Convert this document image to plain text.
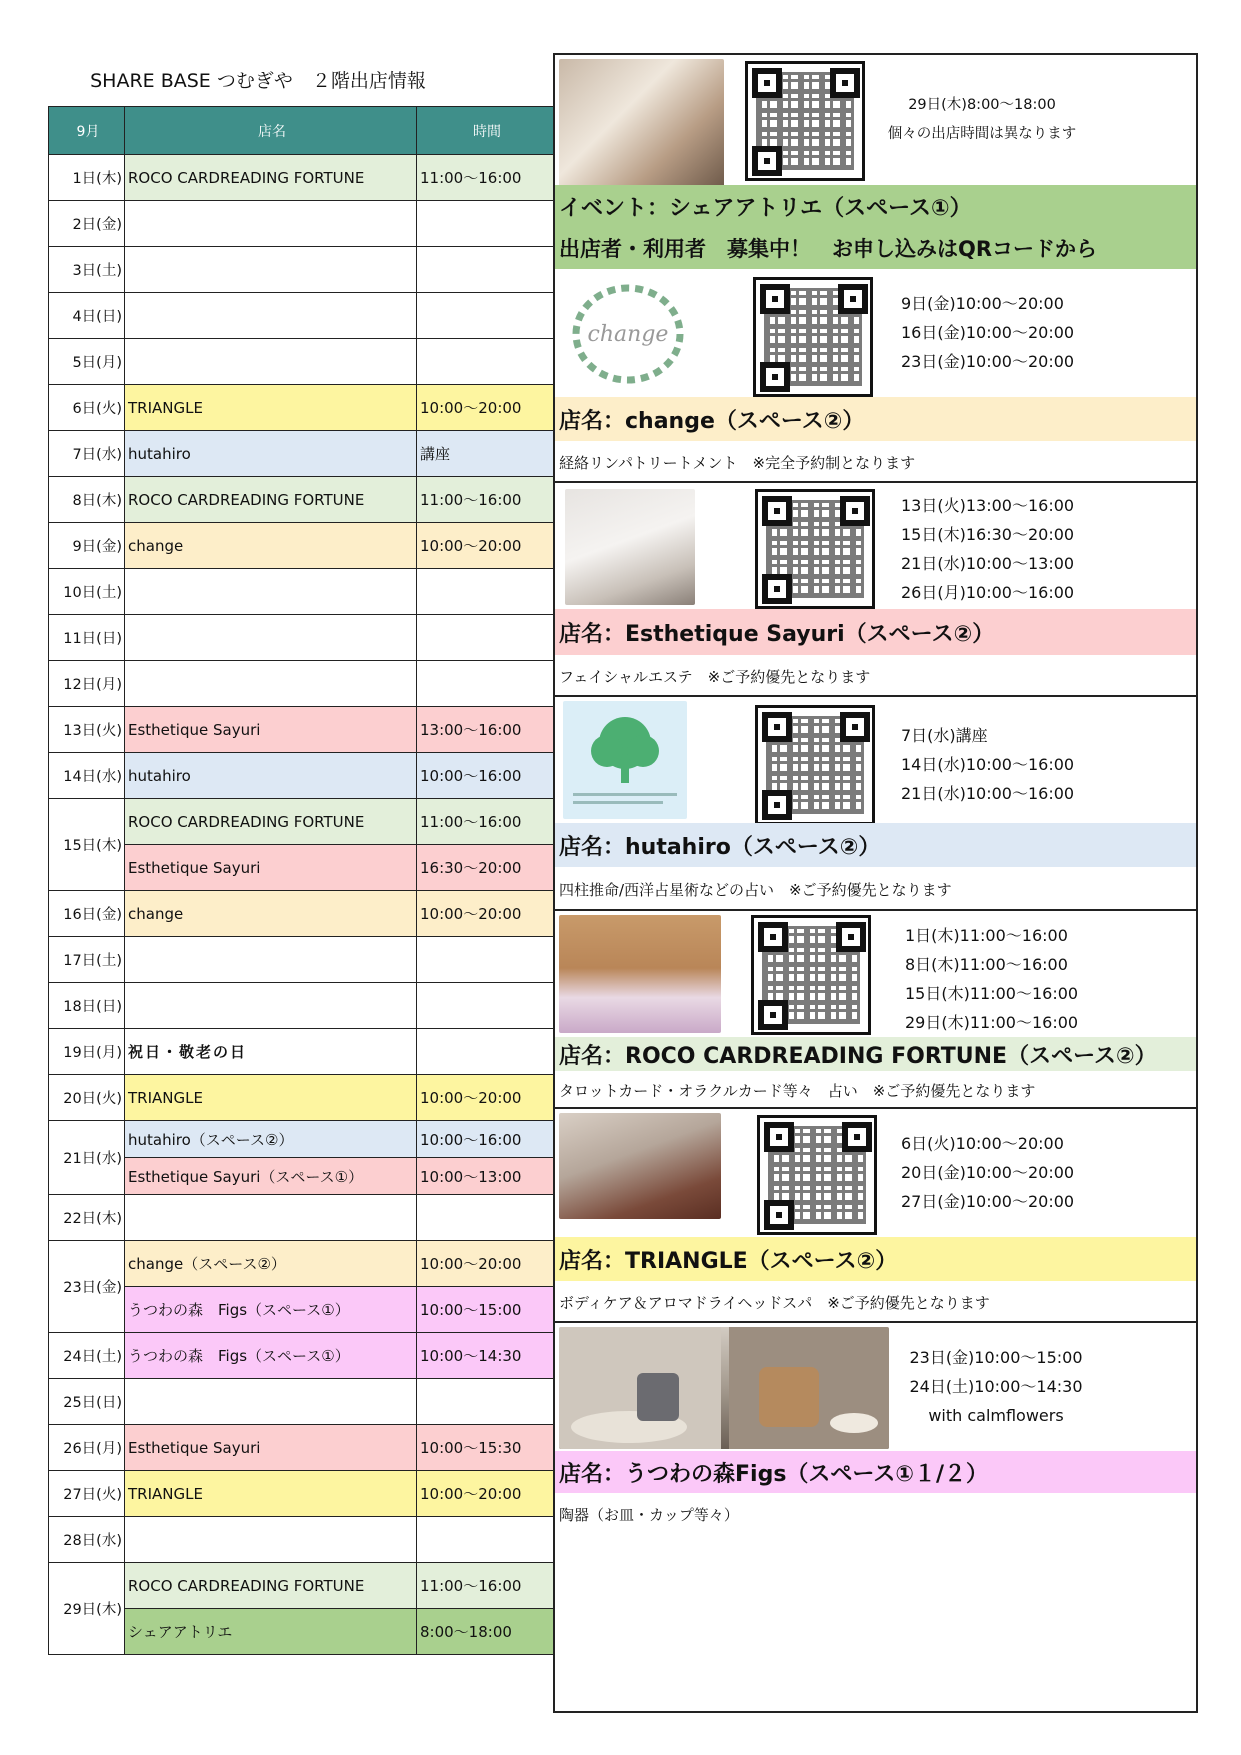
SHARE BASE つむぎや　２階出店情報
9月	店名	時間
1日(木)	ROCO CARDREADING FORTUNE	11:00～16:00
2日(金)		
3日(土)		
4日(日)		
5日(月)		
6日(火)	TRIANGLE	10:00～20:00
7日(水)	hutahiro	講座
8日(木)	ROCO CARDREADING FORTUNE	11:00～16:00
9日(金)	change	10:00～20:00
10日(土)		
11日(日)		
12日(月)		
13日(火)	Esthetique Sayuri	13:00～16:00
14日(水)	hutahiro	10:00～16:00
15日(木)	ROCO CARDREADING FORTUNE	11:00～16:00
	Esthetique Sayuri	16:30～20:00
16日(金)	change	10:00～20:00
17日(土)		
18日(日)		
19日(月)	祝日・敬老の日	
20日(火)	TRIANGLE	10:00～20:00
21日(水)	hutahiro（スペース②）	10:00～16:00
	Esthetique Sayuri（スペース①）	10:00～13:00
22日(木)		
23日(金)	change（スペース②）	10:00～20:00
	うつわの森　Figs（スペース①）	10:00～15:00
24日(土)	うつわの森　Figs（スペース①）	10:00～14:30
25日(日)		
26日(月)	Esthetique Sayuri	10:00～15:30
27日(火)	TRIANGLE	10:00～20:00
28日(水)		
29日(木)	ROCO CARDREADING FORTUNE	11:00～16:00
	シェアアトリエ	8:00～18:00
29日(木)8:00～18:00
個々の出店時間は異なります
イベント：シェアアトリエ（スペース①）
出店者・利用者　募集中！　お申し込みはQRコードから
change
9日(金)10:00～20:00
16日(金)10:00～20:00
23日(金)10:00～20:00
店名：change（スペース②）
経絡リンパトリートメント　※完全予約制となります
13日(火)13:00～16:00
15日(木)16:30～20:00
21日(水)10:00～13:00
26日(月)10:00～16:00
店名：Esthetique Sayuri（スペース②）
フェイシャルエステ　※ご予約優先となります
7日(水)講座
14日(水)10:00～16:00
21日(水)10:00～16:00
店名：hutahiro（スペース②）
四柱推命/西洋占星術などの占い　※ご予約優先となります
1日(木)11:00～16:00
8日(木)11:00～16:00
15日(木)11:00～16:00
29日(木)11:00～16:00
店名：ROCO CARDREADING FORTUNE（スペース②）
タロットカード・オラクルカード等々　占い　※ご予約優先となります
6日(火)10:00～20:00
20日(金)10:00～20:00
27日(金)10:00～20:00
店名：TRIANGLE（スペース②）
ボディケア＆アロマドライヘッドスパ　※ご予約優先となります
23日(金)10:00～15:00
24日(土)10:00～14:30
with calmflowers
店名：うつわの森Figs（スペース①１/２）
陶器（お皿・カップ等々）
